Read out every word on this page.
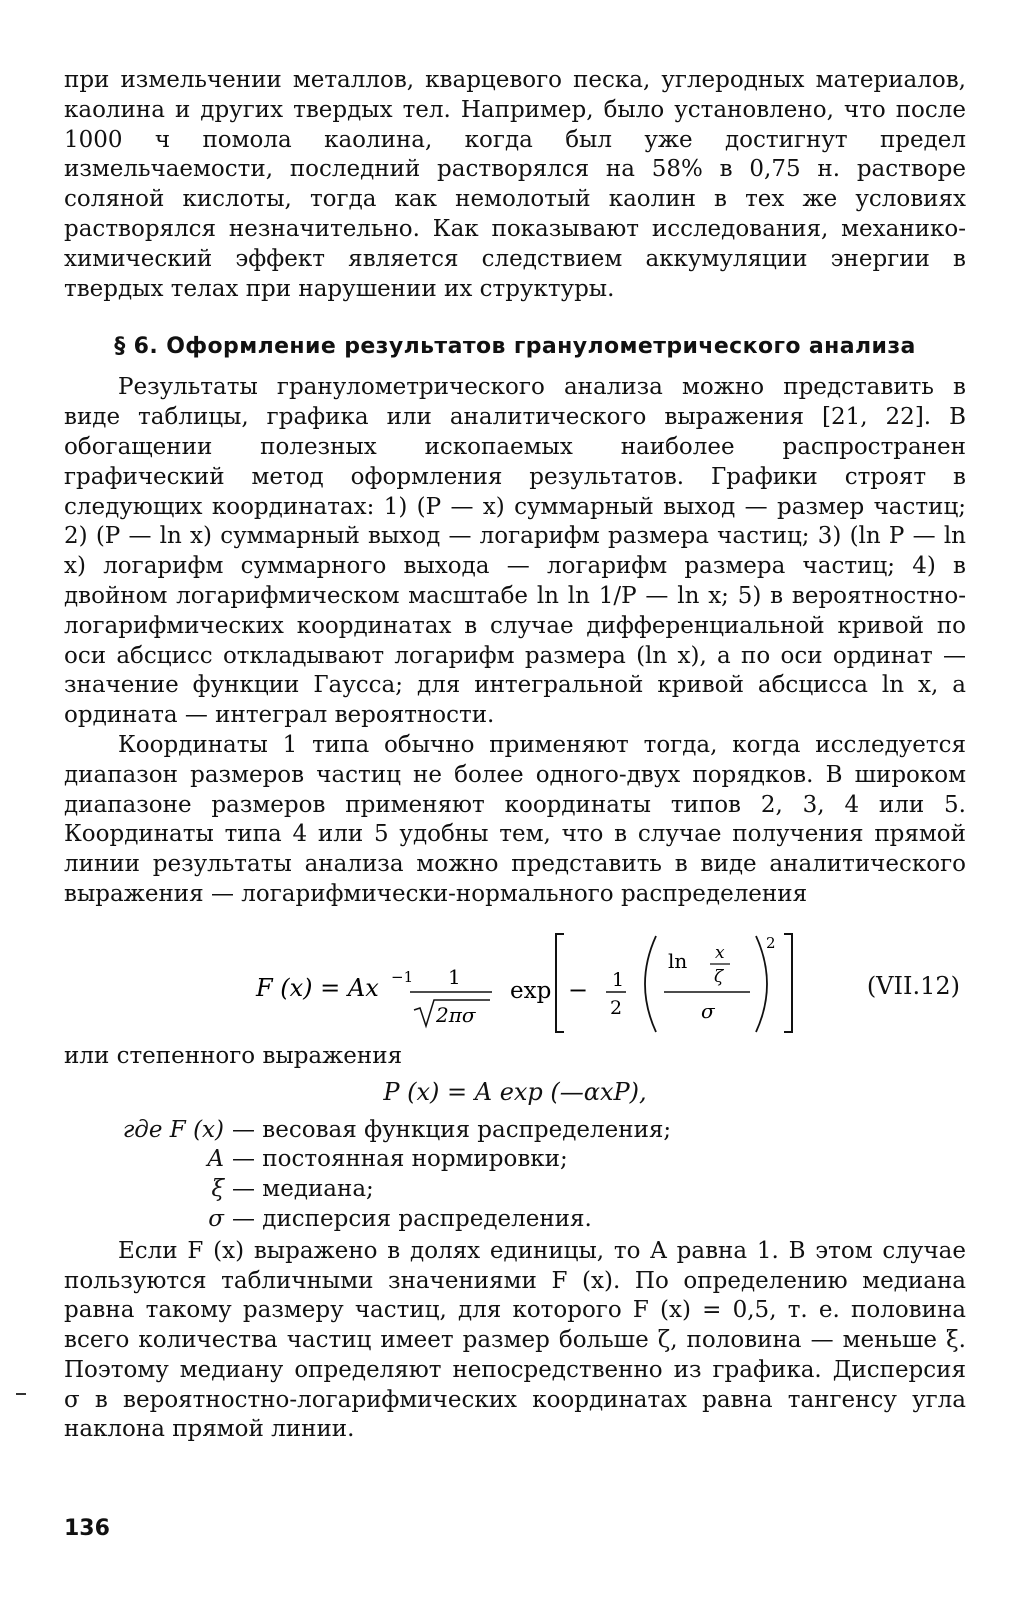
при измельчении металлов, кварцевого песка, углеродных материалов, каолина и других твердых тел. Например, было установлено, что после 1000 ч помола каолина, когда был уже достигнут предел измельчаемости, последний растворялся на 58% в 0,75 н. растворе соляной кислоты, тогда как немолотый каолин в тех же условиях растворялся незначительно. Как показывают исследования, механико-химический эффект является следствием аккумуляции энергии в твердых телах при нарушении их структуры.

§ 6. Оформление результатов гранулометрического анализа

Результаты гранулометрического анализа можно представить в виде таблицы, графика или аналитического выражения [21, 22]. В обогащении полезных ископаемых наиболее распространен графический метод оформления результатов. Графики строят в следующих координатах: 1) (P — x) суммарный выход — размер частиц; 2) (P — ln x) суммарный выход — логарифм размера частиц; 3) (ln P — ln x) логарифм суммарного выхода — логарифм размера частиц; 4) в двойном логарифмическом масштабе ln ln 1/P — ln x; 5) в вероятностно-логарифмических координатах в случае дифференциальной кривой по оси абсцисс откладывают логарифм размера (ln x), а по оси ординат — значение функции Гаусса; для интегральной кривой абсцисса ln x, а ордината — интеграл вероятности.

Координаты 1 типа обычно применяют тогда, когда исследуется диапазон размеров частиц не более одного-двух порядков. В широком диапазоне размеров применяют координаты типов 2, 3, 4 или 5. Координаты типа 4 или 5 удобны тем, что в случае получения прямой линии результаты анализа можно представить в виде аналитического выражения — логарифмически-нормального распределения

F (x) = Ax −1 1
2πσ
exp − 1
2
ln x
ζ
σ
2
(VII.12)

или степенного выражения

P (x) = A exp (—αxP),
где F (x) — весовая функция распределения;
A — постоянная нормировки;
ξ — медиана;
σ — дисперсия распределения.

Если F (x) выражено в долях единицы, то A равна 1. В этом случае пользуются табличными значениями F (x). По определению медиана равна такому размеру частиц, для которого F (x) = 0,5, т. е. половина всего количества частиц имеет размер больше ζ, половина — меньше ξ. Поэтому медиану определяют непосредственно из графика. Дисперсия σ в вероятностно-логарифмических координатах равна тангенсу угла наклона прямой линии.

136
